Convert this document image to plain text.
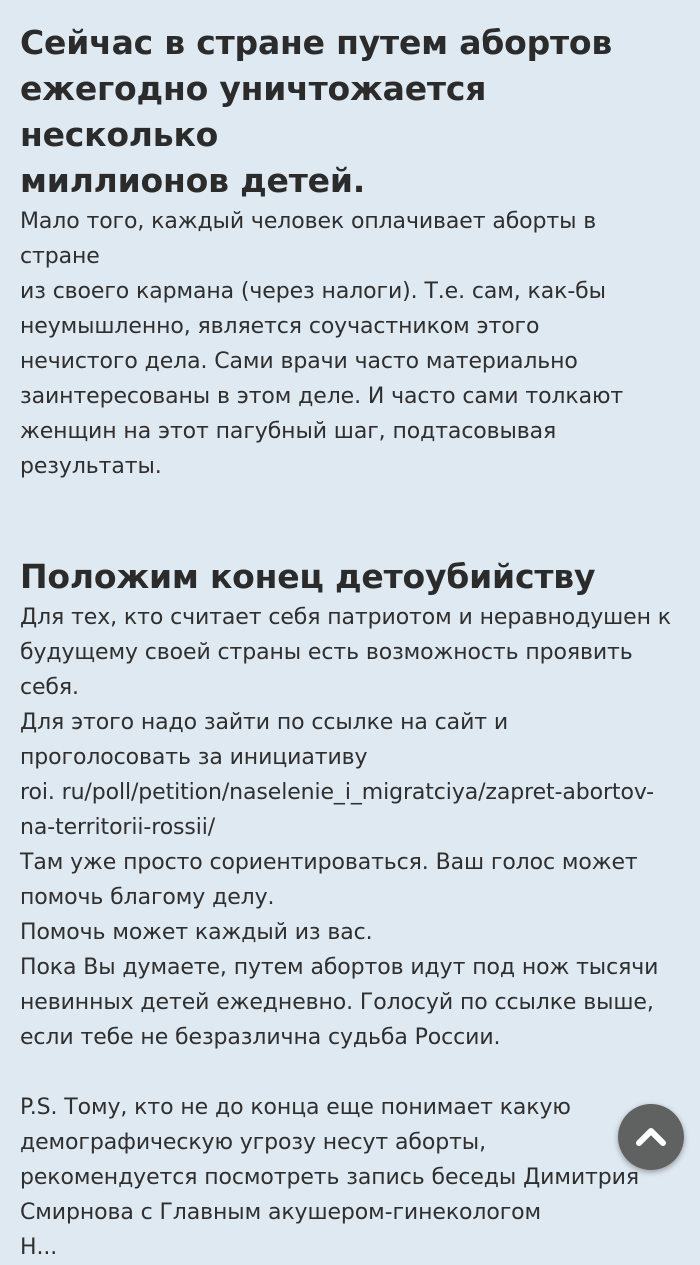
Сейчас в стране путем абортов
ежегодно уничтожается несколько
миллионов детей.
Мало того, каждый человек оплачивает аборты в
стране
из своего кармана (через налоги). Т.е. сам, как-бы
неумышленно, является соучастником этого
нечистого дела. Сами врачи часто материально
заинтересованы в этом деле. И часто сами толкают
женщин на этот пагубный шаг, подтасовывая
результаты.
Положим конец детоубийству
Для тех, кто считает себя патриотом и неравнодушен к
будущему своей страны есть возможность проявить
себя.
Для этого надо зайти по ссылке на сайт и
проголосовать за инициативу
roi. ru/poll/petition/naselenie_i_migratciya/zapret-abortov-
na-territorii-rossii/
Там уже просто сориентироваться. Ваш голос может
помочь благому делу.
Помочь может каждый из вас.
Пока Вы думаете, путем абортов идут под нож тысячи
невинных детей ежедневно. Голосуй по ссылке выше,
если тебе не безразлична судьба России.
P.S. Тому, кто не до конца еще понимает какую
демографическую угрозу несут аборты,
рекомендуется посмотреть запись беседы Димитрия
Смирнова с Главным акушером-гинекологом
Н...
